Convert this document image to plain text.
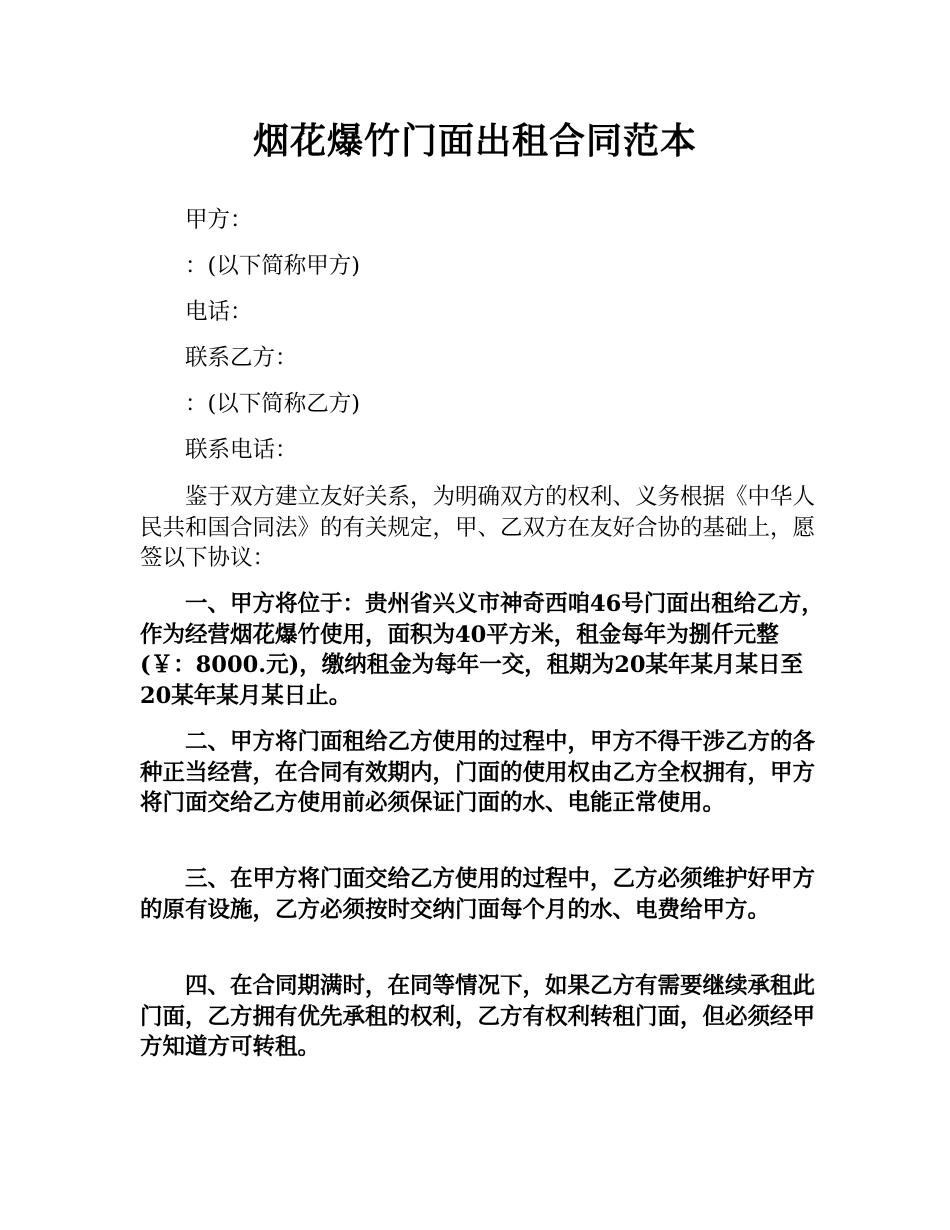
烟花爆竹门面出租合同范本

甲方：

：(以下简称甲方)

电话：

联系乙方：

：(以下简称乙方)

联系电话：

鉴于双方建立友好关系，为明确双方的权利、义务根据《中华人民共和国合同法》的有关规定，甲、乙双方在友好合协的基础上，愿签以下协议：

一、甲方将位于：贵州省兴义市神奇西咱46号门面出租给乙方，作为经营烟花爆竹使用，面积为40平方米，租金每年为捌仟元整(￥：8000.元)，缴纳租金为每年一交，租期为20某年某月某日至20某年某月某日止。

二、甲方将门面租给乙方使用的过程中，甲方不得干涉乙方的各种正当经营，在合同有效期内，门面的使用权由乙方全权拥有，甲方将门面交给乙方使用前必须保证门面的水、电能正常使用。

三、在甲方将门面交给乙方使用的过程中，乙方必须维护好甲方的原有设施，乙方必须按时交纳门面每个月的水、电费给甲方。

四、在合同期满时，在同等情况下，如果乙方有需要继续承租此门面，乙方拥有优先承租的权利，乙方有权利转租门面，但必须经甲方知道方可转租。
